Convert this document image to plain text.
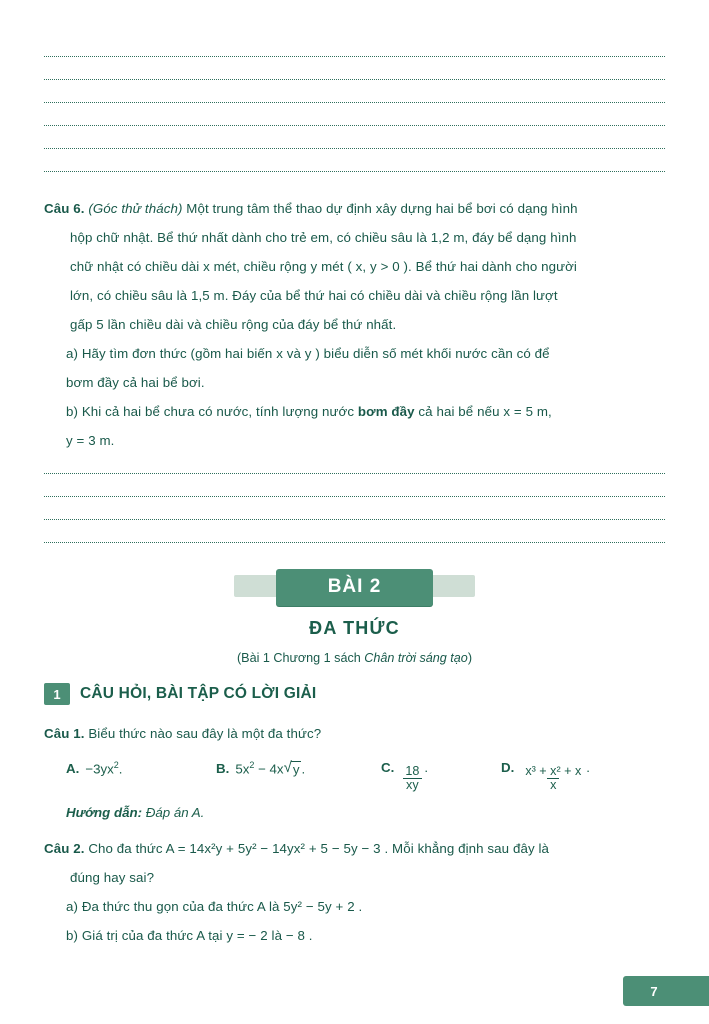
Câu 6. (Góc thử thách) Một trung tâm thể thao dự định xây dựng hai bể bơi có dạng hình
hộp chữ nhật. Bể thứ nhất dành cho trẻ em, có chiều sâu là 1,2 m, đáy bể dạng hình
chữ nhật có chiều dài x mét, chiều rộng y mét ( x, y > 0 ). Bể thứ hai dành cho người
lớn, có chiều sâu là 1,5 m. Đáy của bể thứ hai có chiều dài và chiều rộng lần lượt
gấp 5 lần chiều dài và chiều rộng của đáy bể thứ nhất.
a) Hãy tìm đơn thức (gồm hai biến x và y ) biểu diễn số mét khối nước cần có để
bơm đầy cả hai bể bơi.
b) Khi cả hai bể chưa có nước, tính lượng nước bơm đầy cả hai bể nếu x = 5 m,
y = 3 m.
BÀI 2
ĐA THỨC
(Bài 1 Chương 1 sách Chân trời sáng tạo)
1	CÂU HỎI, BÀI TẬP CÓ LỜI GIẢI
Câu 1. Biểu thức nào sau đây là một đa thức?
A. $-3yx^2$.	B. $5x^2 - 4x$ √ y .	C. $\frac{18}{xy}$ .	D. $\frac{\text{x³ + x² + x}}{x}$ .
Hướng dẫn: Đáp án A.
Câu 2. Cho đa thức A = 14x²y + 5y² − 14yx² + 5 − 5y − 3 . Mỗi khẳng định sau đây là
đúng hay sai?
a) Đa thức thu gọn của đa thức A là 5y² − 5y + 2 .
b) Giá trị của đa thức A tại y = − 2 là − 8 .
7
